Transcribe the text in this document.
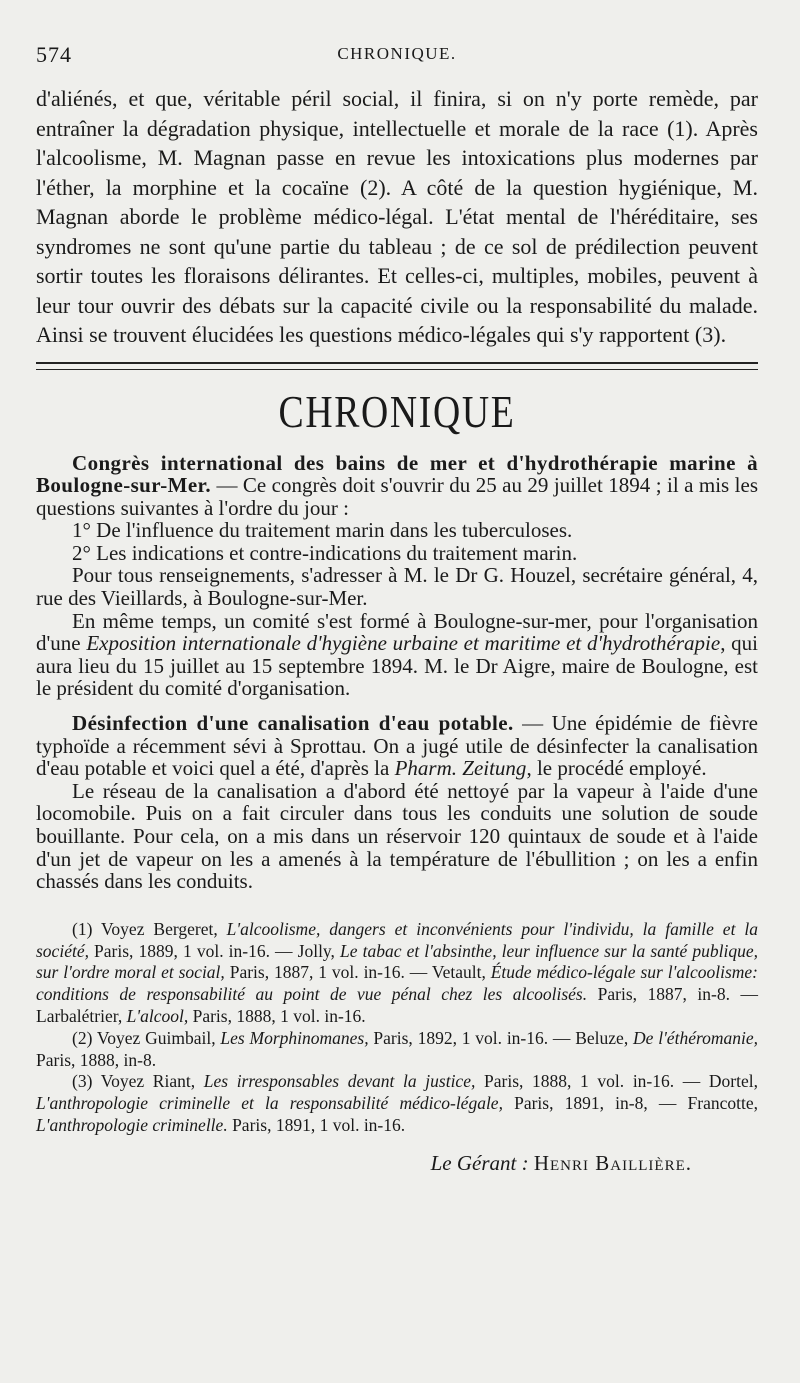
574	CHRONIQUE.

d'aliénés, et que, véritable péril social, il finira, si on n'y porte remède, par entraîner la dégradation physique, intellectuelle et morale de la race (1). Après l'alcoolisme, M. Magnan passe en revue les intoxications plus modernes par l'éther, la morphine et la cocaïne (2). A côté de la question hygiénique, M. Magnan aborde le problème médico-légal. L'état mental de l'héréditaire, ses syndromes ne sont qu'une partie du tableau ; de ce sol de prédilection peuvent sortir toutes les floraisons délirantes. Et celles-ci, multiples, mobiles, peuvent à leur tour ouvrir des débats sur la capacité civile ou la responsabilité du malade. Ainsi se trouvent élucidées les questions médico-légales qui s'y rapportent (3).

CHRONIQUE

Congrès international des bains de mer et d'hydrothérapie marine à Boulogne-sur-Mer. — Ce congrès doit s'ouvrir du 25 au 29 juillet 1894 ; il a mis les questions suivantes à l'ordre du jour :

1° De l'influence du traitement marin dans les tuberculoses.

2° Les indications et contre-indications du traitement marin.

Pour tous renseignements, s'adresser à M. le Dr G. Houzel, secrétaire général, 4, rue des Vieillards, à Boulogne-sur-Mer.

En même temps, un comité s'est formé à Boulogne-sur-mer, pour l'organisation d'une Exposition internationale d'hygiène urbaine et maritime et d'hydrothérapie, qui aura lieu du 15 juillet au 15 septembre 1894. M. le Dr Aigre, maire de Boulogne, est le président du comité d'organisation.

Désinfection d'une canalisation d'eau potable. — Une épidémie de fièvre typhoïde a récemment sévi à Sprottau. On a jugé utile de désinfecter la canalisation d'eau potable et voici quel a été, d'après la Pharm. Zeitung, le procédé employé.

Le réseau de la canalisation a d'abord été nettoyé par la vapeur à l'aide d'une locomobile. Puis on a fait circuler dans tous les conduits une solution de soude bouillante. Pour cela, on a mis dans un réservoir 120 quintaux de soude et à l'aide d'un jet de vapeur on les a amenés à la température de l'ébullition ; on les a enfin chassés dans les conduits.

(1) Voyez Bergeret, L'alcoolisme, dangers et inconvénients pour l'individu, la famille et la société, Paris, 1889, 1 vol. in-16. — Jolly, Le tabac et l'absinthe, leur influence sur la santé publique, sur l'ordre moral et social, Paris, 1887, 1 vol. in-16. — Vetault, Étude médico-légale sur l'alcoolisme: conditions de responsabilité au point de vue pénal chez les alcoolisés. Paris, 1887, in-8. — Larbalétrier, L'alcool, Paris, 1888, 1 vol. in-16.

(2) Voyez Guimbail, Les Morphinomanes, Paris, 1892, 1 vol. in-16. — Beluze, De l'éthéromanie, Paris, 1888, in-8.

(3) Voyez Riant, Les irresponsables devant la justice, Paris, 1888, 1 vol. in-16. — Dortel, L'anthropologie criminelle et la responsabilité médico-légale, Paris, 1891, in-8, — Francotte, L'anthropologie criminelle. Paris, 1891, 1 vol. in-16.

Le Gérant : Henri Baillière.
